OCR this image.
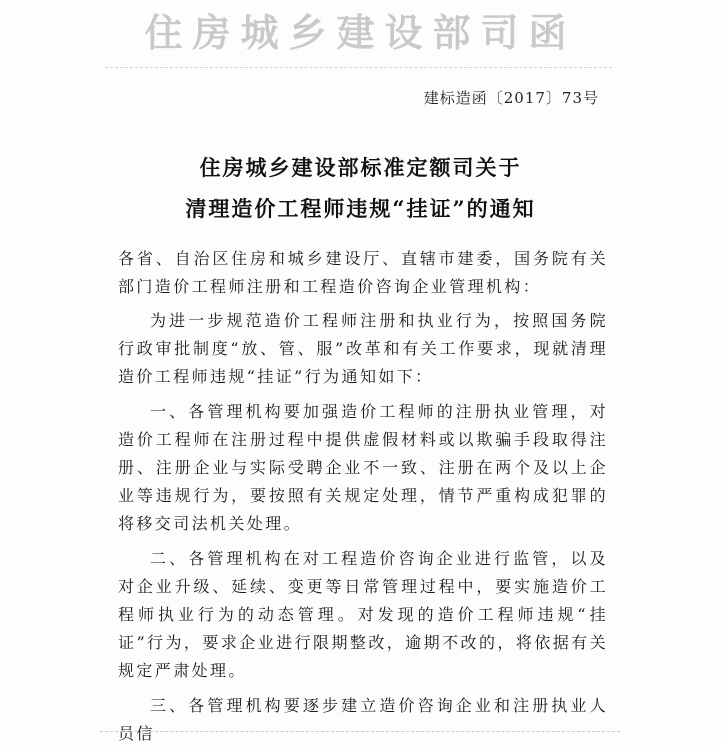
住房城乡建设部司函
建标造函〔2017〕73号
住房城乡建设部标准定额司关于
清理造价工程师违规“挂证”的通知

各省、自治区住房和城乡建设厅、直辖市建委，国务院有关部门造价工程师注册和工程造价咨询企业管理机构：

为进一步规范造价工程师注册和执业行为，按照国务院行政审批制度“放、管、服”改革和有关工作要求，现就清理造价工程师违规“挂证”行为通知如下：

一、各管理机构要加强造价工程师的注册执业管理，对造价工程师在注册过程中提供虚假材料或以欺骗手段取得注册、注册企业与实际受聘企业不一致、注册在两个及以上企业等违规行为，要按照有关规定处理，情节严重构成犯罪的将移交司法机关处理。

二、各管理机构在对工程造价咨询企业进行监管，以及对企业升级、延续、变更等日常管理过程中，要实施造价工程师执业行为的动态管理。对发现的造价工程师违规“挂证”行为，要求企业进行限期整改，逾期不改的，将依据有关规定严肃处理。

三、各管理机构要逐步建立造价咨询企业和注册执业人员信
